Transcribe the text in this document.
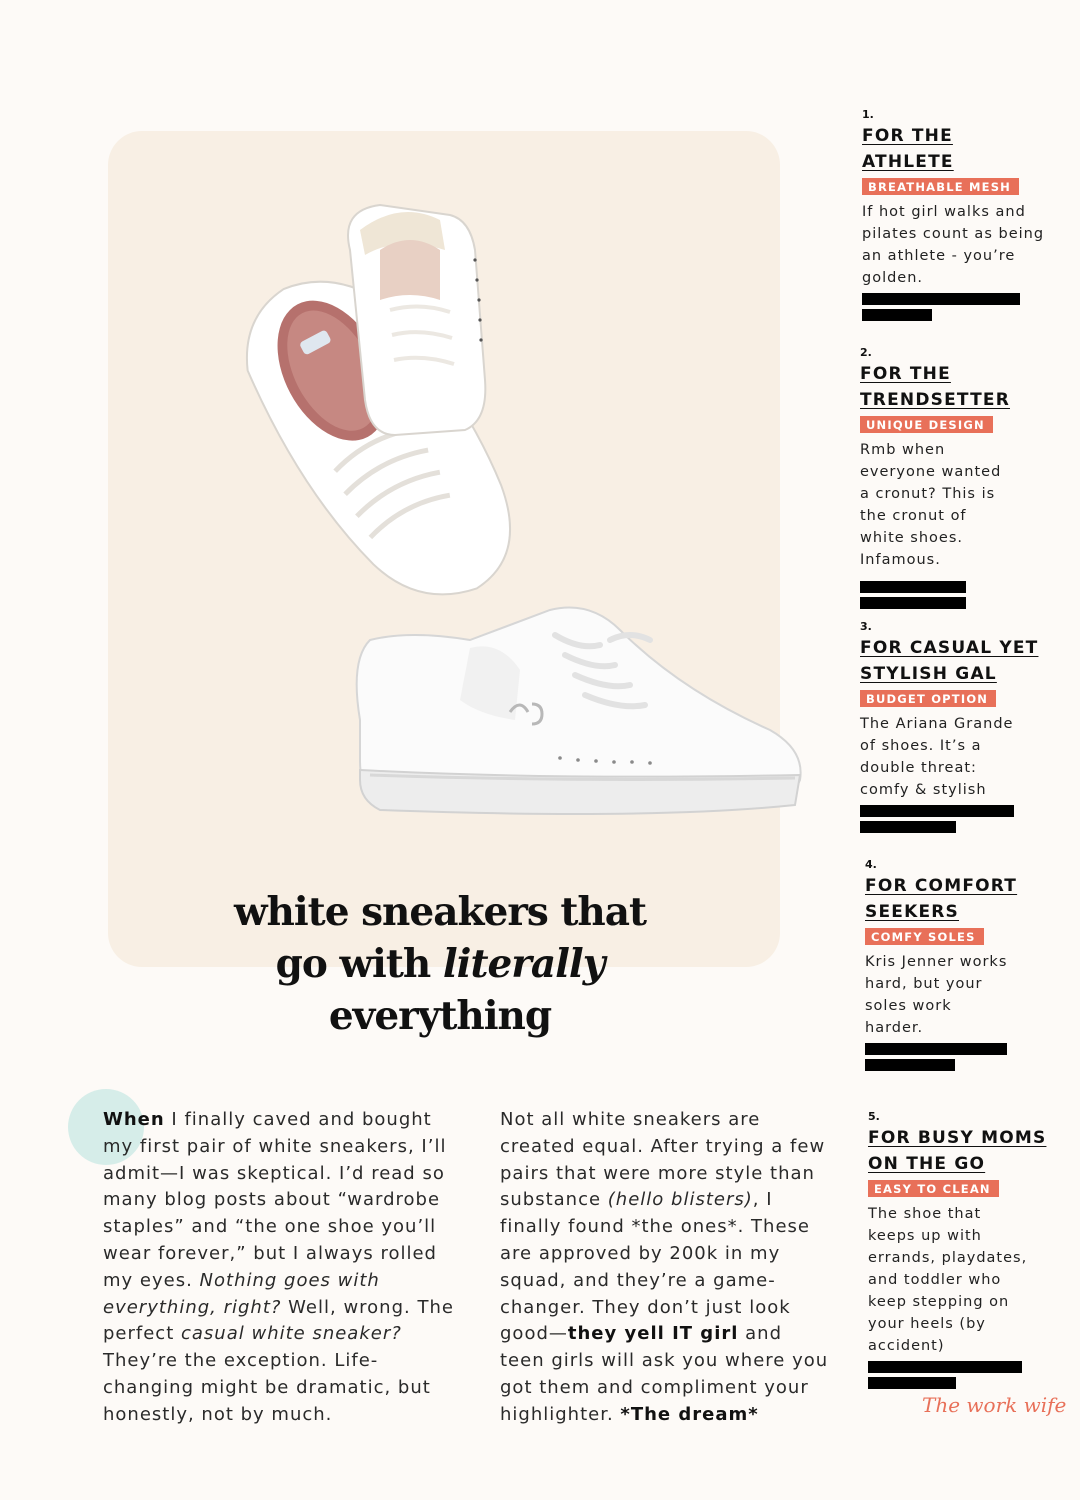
white sneakers that
go with literally
everything
When I finally caved and bought my first pair of white sneakers, I’ll admit—I was skeptical. I’d read so many blog posts about “wardrobe staples” and “the one shoe you’ll wear forever,” but I always rolled my eyes. Nothing goes with everything, right? Well, wrong. The perfect casual white sneaker? They’re the exception. Life-changing might be dramatic, but honestly, not by much.
Not all white sneakers are created equal. After trying a few pairs that were more style than substance (hello blisters), I finally found *the ones*. These are approved by 200k in my squad, and they’re a game-changer. They don’t just look good—they yell IT girl and teen girls will ask you where you got them and compliment your highlighter. *The dream*
1.
FOR THE
ATHLETE
BREATHABLE MESH
If hot girl walks and pilates count as being an athlete - you’re golden.
2.
FOR THE
TRENDSETTER
UNIQUE DESIGN
Rmb when everyone wanted a cronut? This is the cronut of white shoes. Infamous.
3.
FOR CASUAL YET
STYLISH GAL
BUDGET OPTION
The Ariana Grande of shoes. It’s a double threat: comfy & stylish
4.
FOR COMFORT
SEEKERS
COMFY SOLES
Kris Jenner works hard, but your soles work harder.
5.
FOR BUSY MOMS
ON THE GO
EASY TO CLEAN
The shoe that keeps up with errands, playdates, and toddler who keep stepping on your heels (by accident)
The work wife
